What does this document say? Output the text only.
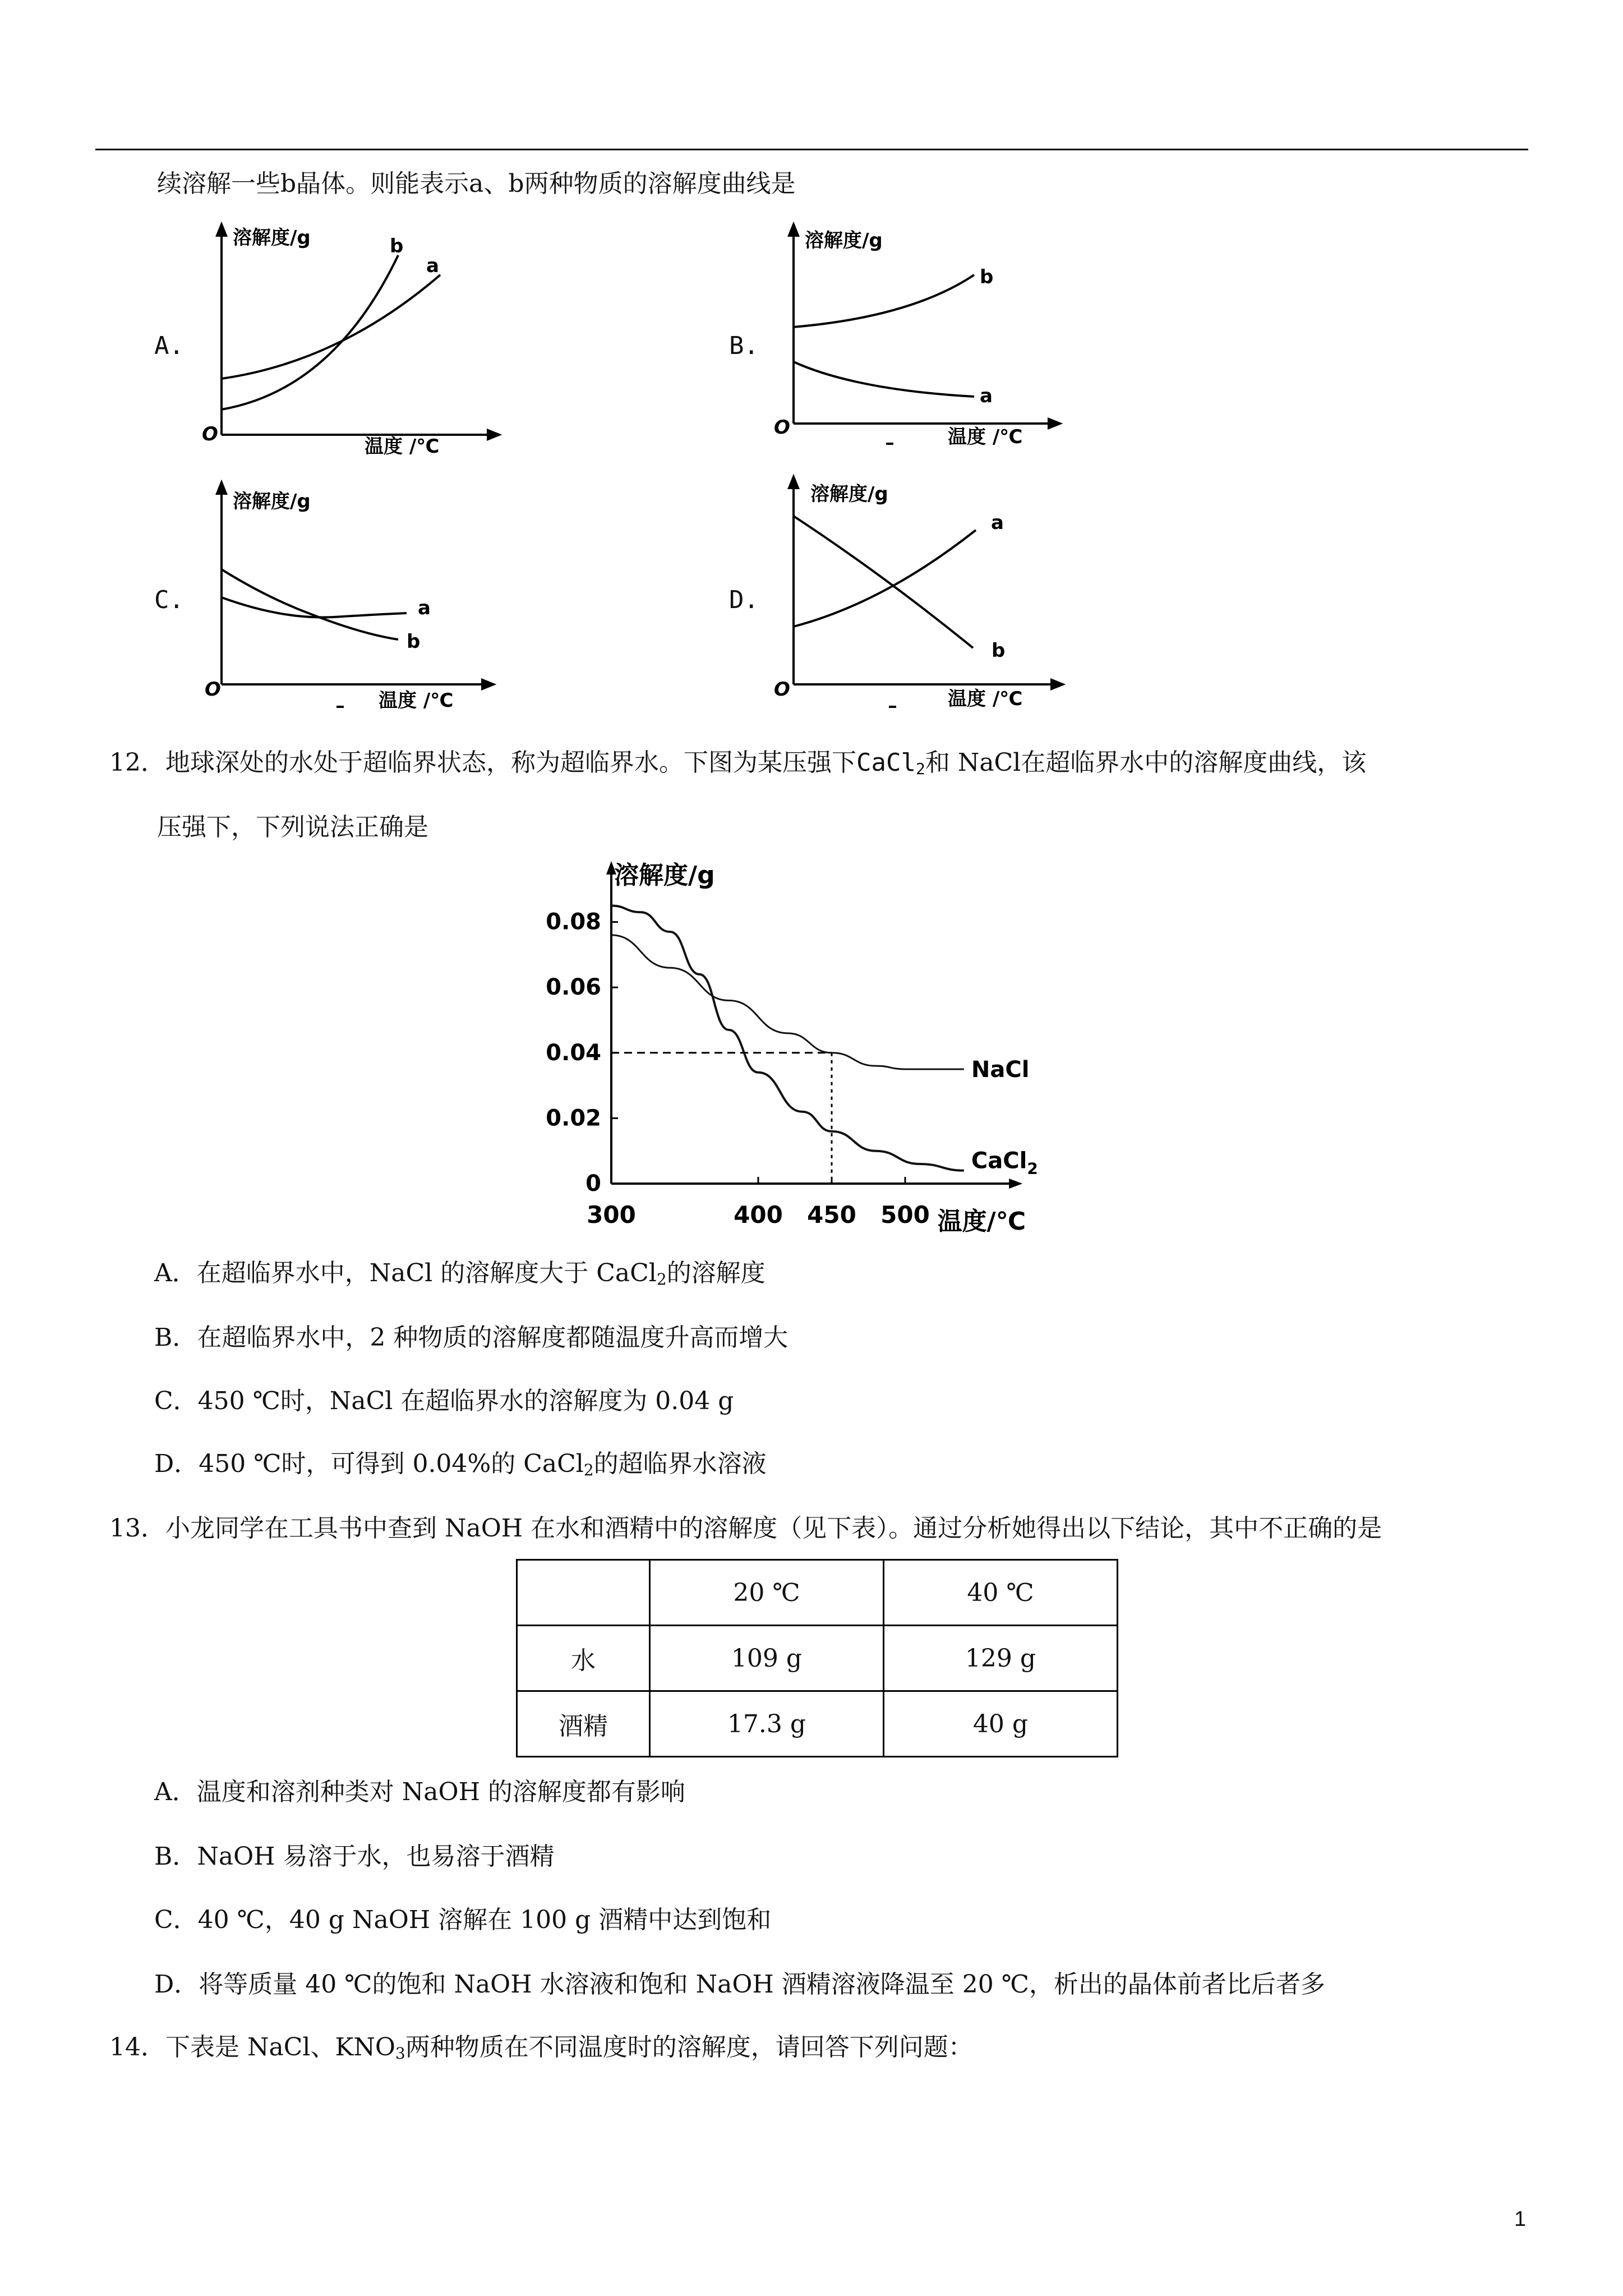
续溶解一些b晶体。则能表示a、b两种物质的溶解度曲线是
A.	B.
C.	D.
溶解度/g
O
温度 /℃
b
a
溶解度/g
O	温度 /℃
b
a
溶解度/g
O	温度 /℃
a
b
溶解度/g
O	温度 /℃
a
b
12．地球深处的水处于超临界状态，称为超临界水。下图为某压强下CaCl$_2$和 NaCl在超临界水中的溶解度曲线，该
压强下，下列说法正确是
0
0.02
0.04
0.06
0.08
300	400 450 500
溶解度/g
温度/℃
NaCl
CaCl$_2$
A．在超临界水中，NaCl 的溶解度大于 CaCl$_2$的溶解度
B．在超临界水中，2 种物质的溶解度都随温度升高而增大
C．450 ℃时，NaCl 在超临界水的溶解度为 0.04 g
D．450 ℃时，可得到 0.04%的 CaCl$_2$的超临界水溶液
13．小龙同学在工具书中查到 NaOH 在水和酒精中的溶解度（见下表）。通过分析她得出以下结论，其中不正确的是
	20 ℃	40 ℃
水	109 g	129 g
酒精	17.3 g	40 g
A．温度和溶剂种类对 NaOH 的溶解度都有影响
B．NaOH 易溶于水，也易溶于酒精
C．40 ℃，40 g NaOH 溶解在 100 g 酒精中达到饱和
D．将等质量 40 ℃的饱和 NaOH 水溶液和饱和 NaOH 酒精溶液降温至 20 ℃，析出的晶体前者比后者多
14．下表是 NaCl、$KNO_3$两种物质在不同温度时的溶解度，请回答下列问题：
1
